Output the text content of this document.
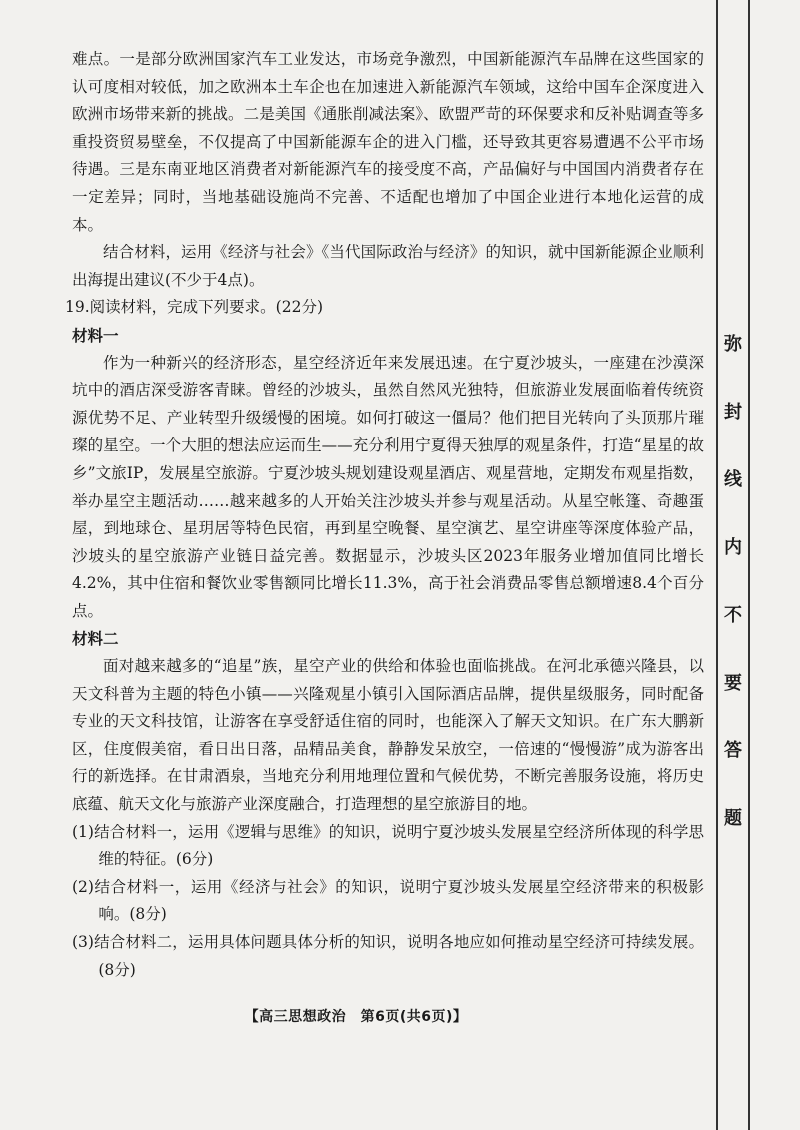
难点。一是部分欧洲国家汽车工业发达，市场竞争激烈，中国新能源汽车品牌在这些国家的认可度相对较低，加之欧洲本土车企也在加速进入新能源汽车领域，这给中国车企深度进入欧洲市场带来新的挑战。二是美国《通胀削减法案》、欧盟严苛的环保要求和反补贴调查等多重投资贸易壁垒，不仅提高了中国新能源车企的进入门槛，还导致其更容易遭遇不公平市场待遇。三是东南亚地区消费者对新能源汽车的接受度不高，产品偏好与中国国内消费者存在一定差异；同时，当地基础设施尚不完善、不适配也增加了中国企业进行本地化运营的成本。
结合材料，运用《经济与社会》《当代国际政治与经济》的知识，就中国新能源企业顺利出海提出建议(不少于4点)。
19.阅读材料，完成下列要求。(22分)
材料一
作为一种新兴的经济形态，星空经济近年来发展迅速。在宁夏沙坡头，一座建在沙漠深坑中的酒店深受游客青睐。曾经的沙坡头，虽然自然风光独特，但旅游业发展面临着传统资源优势不足、产业转型升级缓慢的困境。如何打破这一僵局？他们把目光转向了头顶那片璀璨的星空。一个大胆的想法应运而生——充分利用宁夏得天独厚的观星条件，打造“星星的故乡”文旅IP，发展星空旅游。宁夏沙坡头规划建设观星酒店、观星营地，定期发布观星指数，举办星空主题活动……越来越多的人开始关注沙坡头并参与观星活动。从星空帐篷、奇趣蛋屋，到地球仓、星玥居等特色民宿，再到星空晚餐、星空演艺、星空讲座等深度体验产品，沙坡头的星空旅游产业链日益完善。数据显示，沙坡头区2023年服务业增加值同比增长4.2%，其中住宿和餐饮业零售额同比增长11.3%，高于社会消费品零售总额增速8.4个百分点。
材料二
面对越来越多的“追星”族，星空产业的供给和体验也面临挑战。在河北承德兴隆县，以天文科普为主题的特色小镇——兴隆观星小镇引入国际酒店品牌，提供星级服务，同时配备专业的天文科技馆，让游客在享受舒适住宿的同时，也能深入了解天文知识。在广东大鹏新区，住度假美宿，看日出日落，品精品美食，静静发呆放空，一倍速的“慢慢游”成为游客出行的新选择。在甘肃酒泉，当地充分利用地理位置和气候优势，不断完善服务设施，将历史底蕴、航天文化与旅游产业深度融合，打造理想的星空旅游目的地。
(1)结合材料一，运用《逻辑与思维》的知识，说明宁夏沙坡头发展星空经济所体现的科学思维的特征。(6分)
(2)结合材料一，运用《经济与社会》的知识，说明宁夏沙坡头发展星空经济带来的积极影响。(8分)
(3)结合材料二，运用具体问题具体分析的知识，说明各地应如何推动星空经济可持续发展。(8分)
【高三思想政治　第6页(共6页)】
弥
封
线
内
不
要
答
题
